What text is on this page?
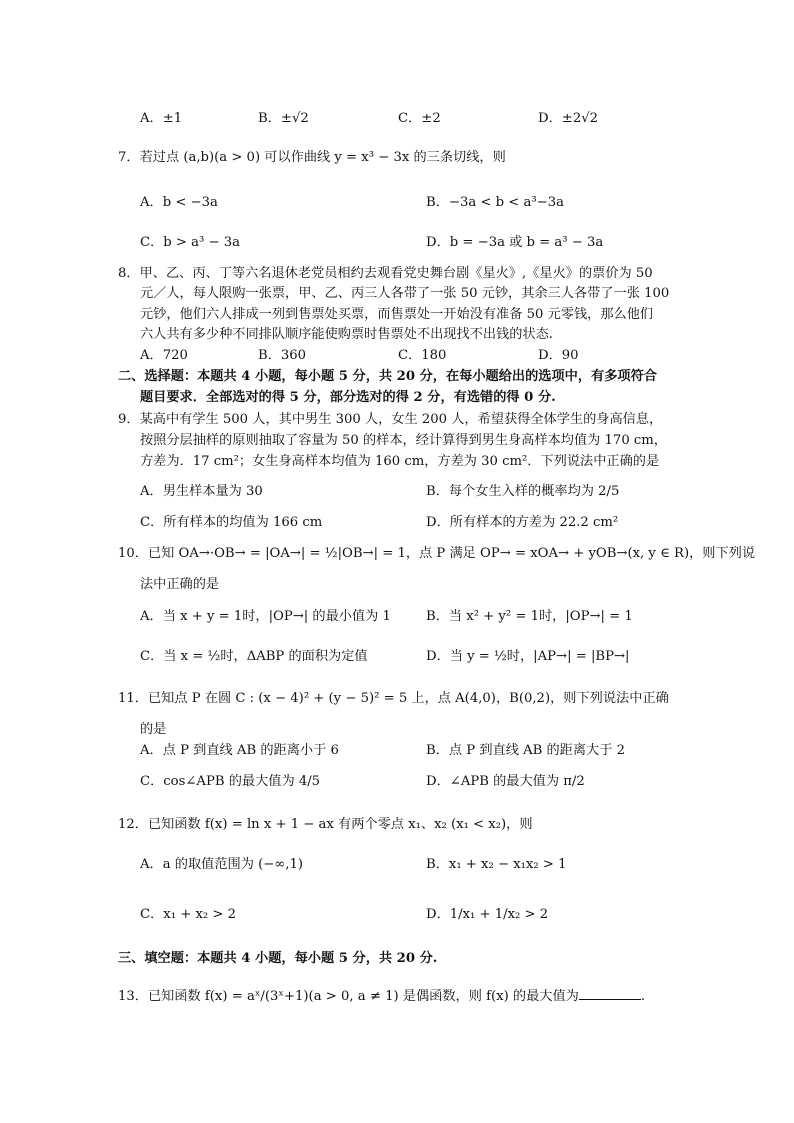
A．±1	B．±√2	C．±2	D．±2√2
7．若过点 (a,b)(a > 0) 可以作曲线 y = x³ − 3x 的三条切线，则
A．b < −3a	B．−3a < b < a³−3a
C．b > a³ − 3a	D．b = −3a 或 b = a³ − 3a
8．甲、乙、丙、丁等六名退休老党员相约去观看党史舞台剧《星火》,《星火》的票价为 50
元／人，每人限购一张票，甲、乙、丙三人各带了一张 50 元钞，其余三人各带了一张 100
元钞，他们六人排成一列到售票处买票，而售票处一开始没有准备 50 元零钱，那么他们
六人共有多少种不同排队顺序能使购票时售票处不出现找不出钱的状态.
A．720	B．360	C．180	D．90
二、选择题：本题共 4 小题，每小题 5 分，共 20 分，在每小题给出的选项中，有多项符合
题目要求．全部选对的得 5 分，部分选对的得 2 分，有选错的得 0 分.
9．某高中有学生 500 人，其中男生 300 人，女生 200 人，希望获得全体学生的身高信息，
按照分层抽样的原则抽取了容量为 50 的样本，经计算得到男生身高样本均值为 170 cm，
方差为．17 cm²；女生身高样本均值为 160 cm，方差为 30 cm²．下列说法中正确的是
A．男生样本量为 30	B．每个女生入样的概率均为 2/5
C．所有样本的均值为 166 cm	D．所有样本的方差为 22.2 cm²
10．已知 OA→·OB→ = |OA→| = ½|OB→| = 1，点 P 满足 OP→ = xOA→ + yOB→(x, y ∈ R)，则下列说
法中正确的是
A．当 x + y = 1时，|OP→| 的最小值为 1	B．当 x² + y² = 1时，|OP→| = 1
C．当 x = ½时，ΔABP 的面积为定值	D．当 y = ½时，|AP→| = |BP→|
11．已知点 P 在圆 C : (x − 4)² + (y − 5)² = 5 上，点 A(4,0)，B(0,2)，则下列说法中正确
的是
A．点 P 到直线 AB 的距离小于 6	B．点 P 到直线 AB 的距离大于 2
C．cos∠APB 的最大值为 4/5	D．∠APB 的最大值为 π/2
12．已知函数 f(x) = ln x + 1 − ax 有两个零点 x₁、x₂ (x₁ < x₂)，则
A．a 的取值范围为 (−∞,1)	B．x₁ + x₂ − x₁x₂ > 1
C．x₁ + x₂ > 2	D．1/x₁ + 1/x₂ > 2
三、填空题：本题共 4 小题，每小题 5 分，共 20 分.
13．已知函数 f(x) = aˣ/(3ˣ+1)(a > 0, a ≠ 1) 是偶函数，则 f(x) 的最大值为	.
